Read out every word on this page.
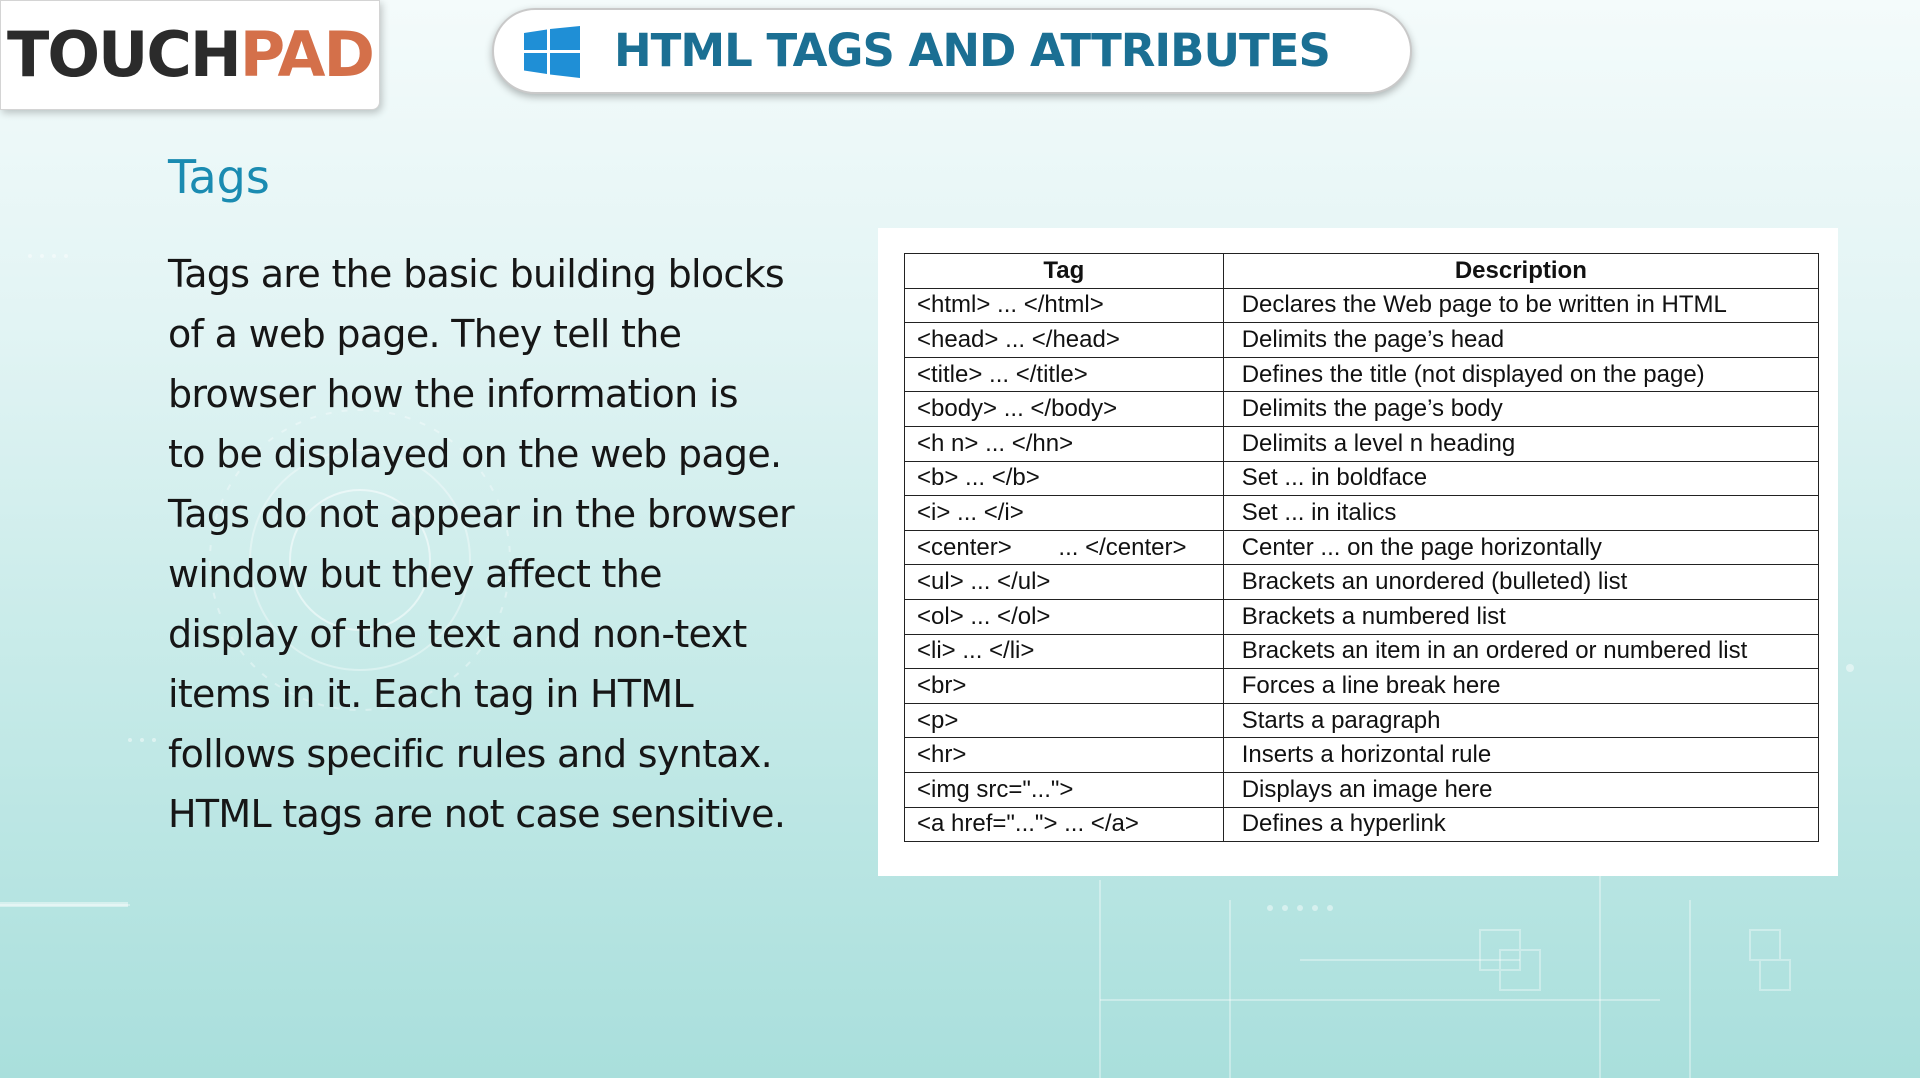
TOUCHPAD	HTML TAGS AND ATTRIBUTES
Tags
Tags are the basic building blocks
of a web page. They tell the
browser how the information is
to be displayed on the web page.
Tags do not appear in the browser
window but they affect the
display of the text and non-text
items in it. Each tag in HTML
follows specific rules and syntax.
HTML tags are not case sensitive.
Tag	Description
<html> ... </html>	Declares the Web page to be written in HTML
<head> ... </head>	Delimits the page’s head
<title> ... </title>	Defines the title (not displayed on the page)
<body> ... </body>	Delimits the page’s body
<h n> ... </hn>	Delimits a level n heading
<b> ... </b>	Set ... in boldface
<i> ... </i>	Set ... in italics
<center>       ... </center>	Center ... on the page horizontally
<ul> ... </ul>	Brackets an unordered (bulleted) list
<ol> ... </ol>	Brackets a numbered list
<li> ... </li>	Brackets an item in an ordered or numbered list
<br>	Forces a line break here
<p>	Starts a paragraph
<hr>	Inserts a horizontal rule
<img src="...">	Displays an image here
<a href="..."> ... </a>	Defines a hyperlink
